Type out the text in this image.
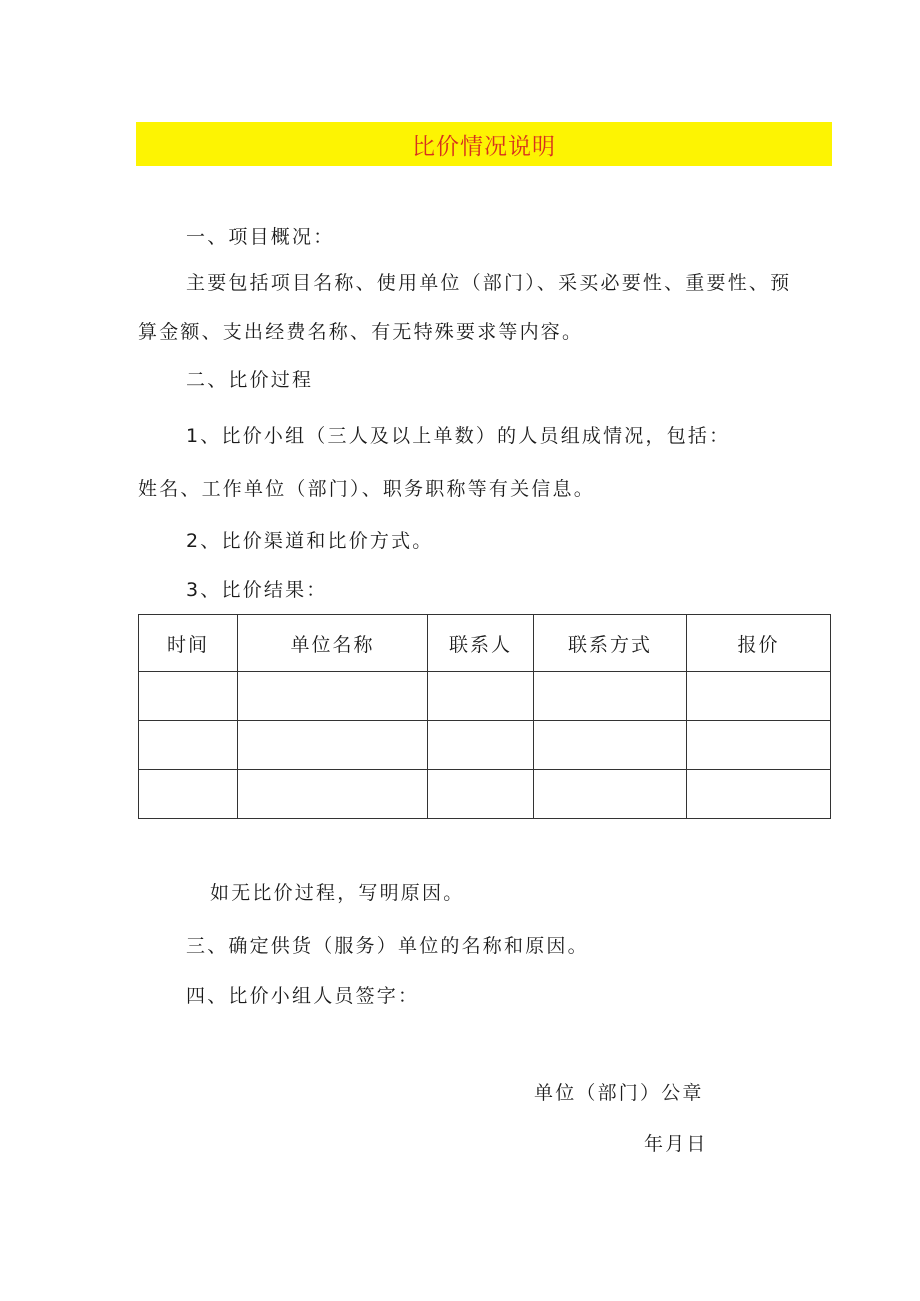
比价情况说明
一、项目概况：
主要包括项目名称、使用单位（部门）、采买必要性、重要性、预
算金额、支出经费名称、有无特殊要求等内容。
二、比价过程
1、比价小组（三人及以上单数）的人员组成情况，包括：
姓名、工作单位（部门）、职务职称等有关信息。
2、比价渠道和比价方式。
3、比价结果：
时间	单位名称	联系人	联系方式	报价

如无比价过程，写明原因。
三、确定供货（服务）单位的名称和原因。
四、比价小组人员签字：
单位（部门）公章
年月日
